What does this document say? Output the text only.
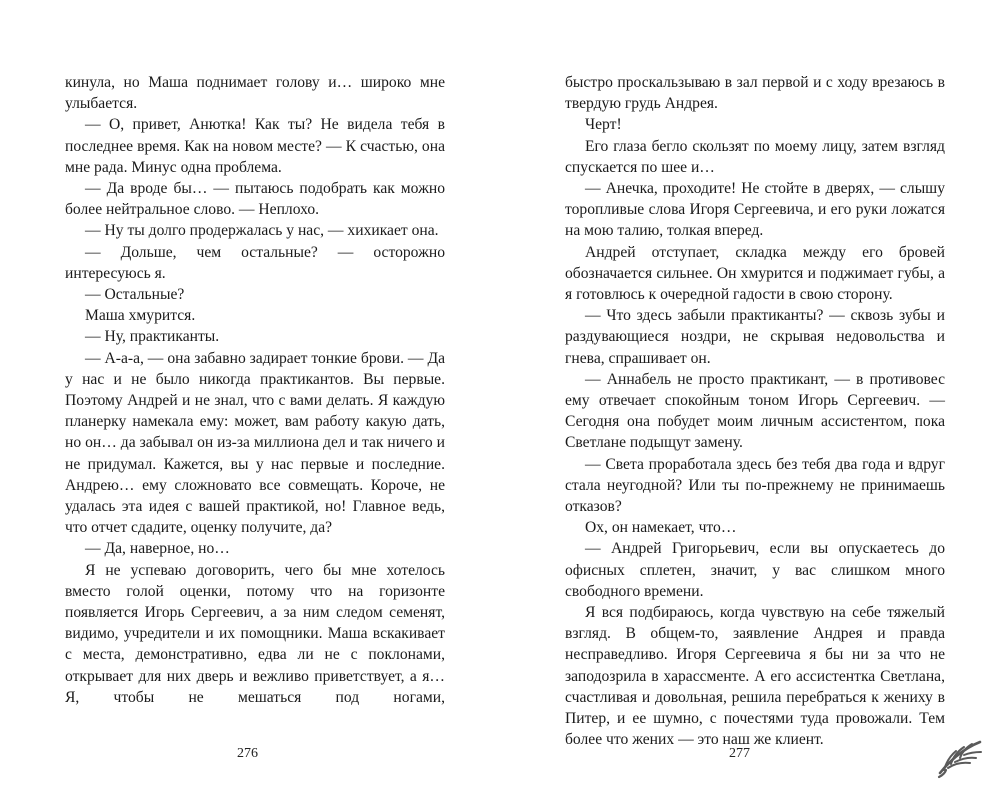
кинула, но Маша поднимает голову и… широко мне улыбается.

— О, привет, Анютка! Как ты? Не видела тебя в последнее время. Как на новом месте? — К счастью, она мне рада. Минус одна проблема.

— Да вроде бы… — пытаюсь подобрать как можно более нейтральное слово. — Неплохо.

— Ну ты долго продержалась у нас, — хихикает она.

— Дольше, чем остальные? — осторожно интересуюсь я.

— Остальные?

Маша хмурится.

— Ну, практиканты.

— А-а-а, — она забавно задирает тонкие брови. — Да у нас и не было никогда практикантов. Вы первые. Поэтому Андрей и не знал, что с вами делать. Я каждую планерку намекала ему: может, вам работу какую дать, но он… да забывал он из-за миллиона дел и так ничего и не придумал. Кажется, вы у нас первые и последние. Андрею… ему сложновато все совмещать. Короче, не удалась эта идея с вашей практикой, но! Главное ведь, что отчет сдадите, оценку получите, да?

— Да, наверное, но…

Я не успеваю договорить, чего бы мне хотелось вместо голой оценки, потому что на горизонте появляется Игорь Сергеевич, а за ним следом семенят, видимо, учредители и их помощники. Маша вскакивает с места, демонстративно, едва ли не с поклонами, открывает для них дверь и вежливо приветствует, а я… Я, чтобы не мешаться под ногами,

быстро проскальзываю в зал первой и с ходу врезаюсь в твердую грудь Андрея.

Черт!

Его глаза бегло скользят по моему лицу, затем взгляд спускается по шее и…

— Анечка, проходите! Не стойте в дверях, — слышу торопливые слова Игоря Сергеевича, и его руки ложатся на мою талию, толкая вперед.

Андрей отступает, складка между его бровей обозначается сильнее. Он хмурится и поджимает губы, а я готовлюсь к очередной гадости в свою сторону.

— Что здесь забыли практиканты? — сквозь зубы и раздувающиеся ноздри, не скрывая недовольства и гнева, спрашивает он.

— Аннабель не просто практикант, — в противовес ему отвечает спокойным тоном Игорь Сергеевич. — Сегодня она побудет моим личным ассистентом, пока Светлане подыщут замену.

— Света проработала здесь без тебя два года и вдруг стала неугодной? Или ты по-прежнему не принимаешь отказов?

Ох, он намекает, что…

— Андрей Григорьевич, если вы опускаетесь до офисных сплетен, значит, у вас слишком много свободного времени.

Я вся подбираюсь, когда чувствую на себе тяжелый взгляд. В общем-то, заявление Андрея и правда несправедливо. Игоря Сергеевича я бы ни за что не заподозрила в харассменте. А его ассистентка Светлана, счастливая и довольная, решила перебраться к жениху в Питер, и ее шумно, с почестями туда провожали. Тем более что жених — это наш же клиент.

276	277
